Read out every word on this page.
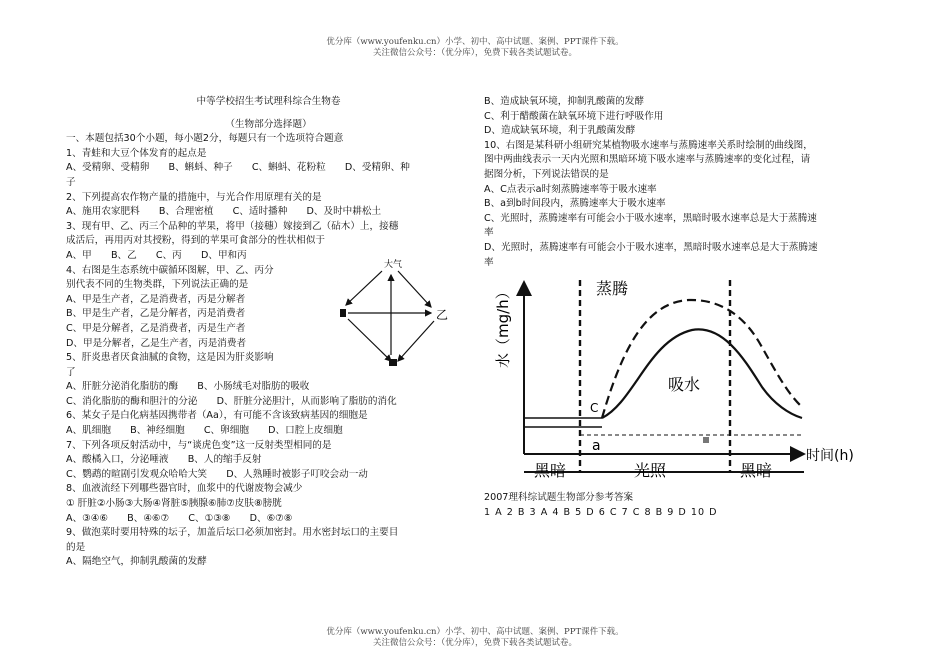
优分库（www.youfenku.cn）小学、初中、高中试题、案例、PPT课件下载。
关注微信公众号：（优分库），免费下载各类试题试卷。

中等学校招生考试理科综合生物卷

（生物部分选择题）

一、本题包括30个小题，每小题2分，每题只有一个选项符合题意

1、青蛙和大豆个体发育的起点是

A、受精卵、受精卵　　B、蝌蚪、种子　　C、蝌蚪、花粉粒　　D、受精卵、种

子

2、下列提高农作物产量的措施中，与光合作用原理有关的是

A、施用农家肥料　　B、合理密植　　C、适时播种　　D、及时中耕松土

3、现有甲、乙、丙三个品种的苹果，将甲（接穗）嫁接到乙（砧木）上，接穗

成活后，再用丙对其授粉，得到的苹果可食部分的性状相似于

A、甲　　B、乙　　C、丙　　D、甲和丙

4、右图是生态系统中碳循环图解，甲、乙、丙分

别代表不同的生物类群，下列说法正确的是

A、甲是生产者，乙是消费者，丙是分解者

B、甲是生产者，乙是分解者，丙是消费者

C、甲是分解者，乙是消费者，丙是生产者

D、甲是分解者，乙是生产者，丙是消费者

5、肝炎患者厌食油腻的食物，这是因为肝炎影响

了

A、肝脏分泌消化脂肪的酶　　B、小肠绒毛对脂肪的吸收

C、消化脂肪的酶和胆汁的分泌　　D、肝脏分泌胆汁，从而影响了脂肪的消化

6、某女子是白化病基因携带者（Aa），有可能不含该致病基因的细胞是

A、肌细胞　　B、神经细胞　　C、卵细胞　　D、口腔上皮细胞

7、下列各项反射活动中，与“谈虎色变”这一反射类型相同的是

A、酸橘入口，分泌唾液　　B、人的缩手反射

C、鹦鹉的暄剧引发观众哈哈大笑　　D、人熟睡时被影子叮咬会动一动

8、血液流经下列哪些器官时，血浆中的代谢废物会减少

① 肝脏②小肠③大肠④肾脏⑤胰腺⑥肺⑦皮肤⑧膀胱

A、③④⑥　　B、④⑥⑦　　C、①③⑧　　D、⑥⑦⑧

9、做泡菜时要用特殊的坛子，加盖后坛口必须加密封。用水密封坛口的主要目

的是

A、隔绝空气，抑制乳酸菌的发酵

大气
乙

B、造成缺氧环境，抑制乳酸菌的发酵

C、利于醋酸菌在缺氧环境下进行呼吸作用

D、造成缺氧环境，利于乳酸菌发酵

10、右图是某科研小组研究某植物吸水速率与蒸腾速率关系时绘制的曲线图，

图中两曲线表示一天内光照和黑暗环境下吸水速率与蒸腾速率的变化过程，请

据图分析，下列说法错误的是

A、C点表示a时刻蒸腾速率等于吸水速率

B、a到b时间段内，蒸腾速率大于吸水速率

C、光照时，蒸腾速率有可能会小于吸水速率，黑暗时吸水速率总是大于蒸腾速

率

D、光照时，蒸腾速率有可能会小于吸水速率，黑暗时吸水速率总是大于蒸腾速

率

水（mg/h）
时间(h)
黑暗	光照	黑暗
蒸腾
吸水
C
a

2007理科综试题生物部分参考答案

1 A 2 B 3 A 4 B 5 D 6 C 7 C 8 B 9 D 10 D

优分库（www.youfenku.cn）小学、初中、高中试题、案例、PPT课件下载。
关注微信公众号：（优分库），免费下载各类试题试卷。
